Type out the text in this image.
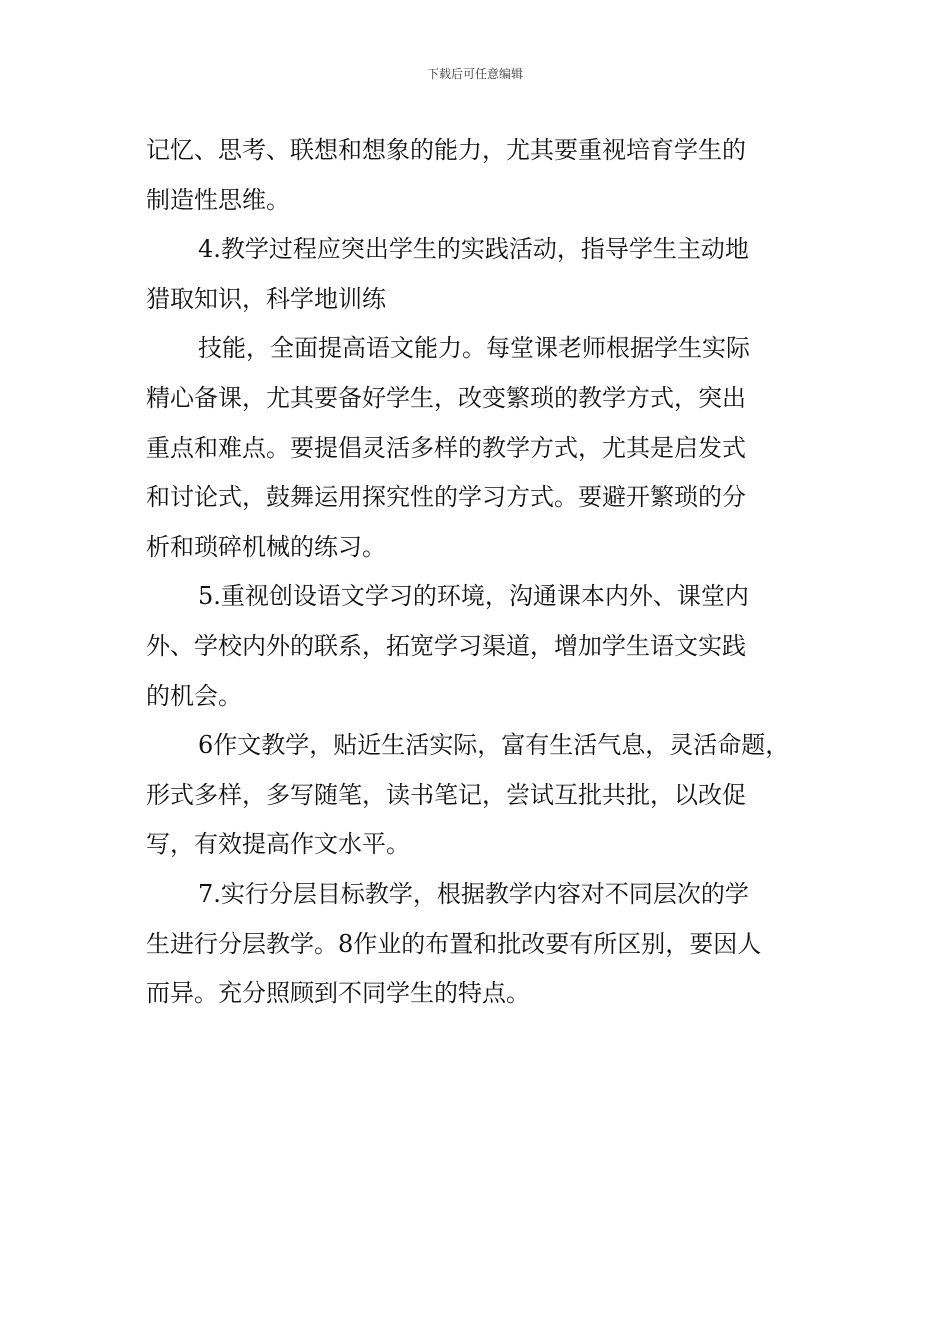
下载后可任意编辑
记忆、思考、联想和想象的能力，尤其要重视培育学生的
制造性思维。
4.教学过程应突出学生的实践活动，指导学生主动地
猎取知识，科学地训练
技能，全面提高语文能力。每堂课老师根据学生实际
精心备课，尤其要备好学生，改变繁琐的教学方式，突出
重点和难点。要提倡灵活多样的教学方式，尤其是启发式
和讨论式，鼓舞运用探究性的学习方式。要避开繁琐的分
析和琐碎机械的练习。
5.重视创设语文学习的环境，沟通课本内外、课堂内
外、学校内外的联系，拓宽学习渠道，增加学生语文实践
的机会。
6作文教学，贴近生活实际，富有生活气息，灵活命题，
形式多样，多写随笔，读书笔记，尝试互批共批，以改促
写，有效提高作文水平。
7.实行分层目标教学，根据教学内容对不同层次的学
生进行分层教学。8作业的布置和批改要有所区别，要因人
而异。充分照顾到不同学生的特点。
